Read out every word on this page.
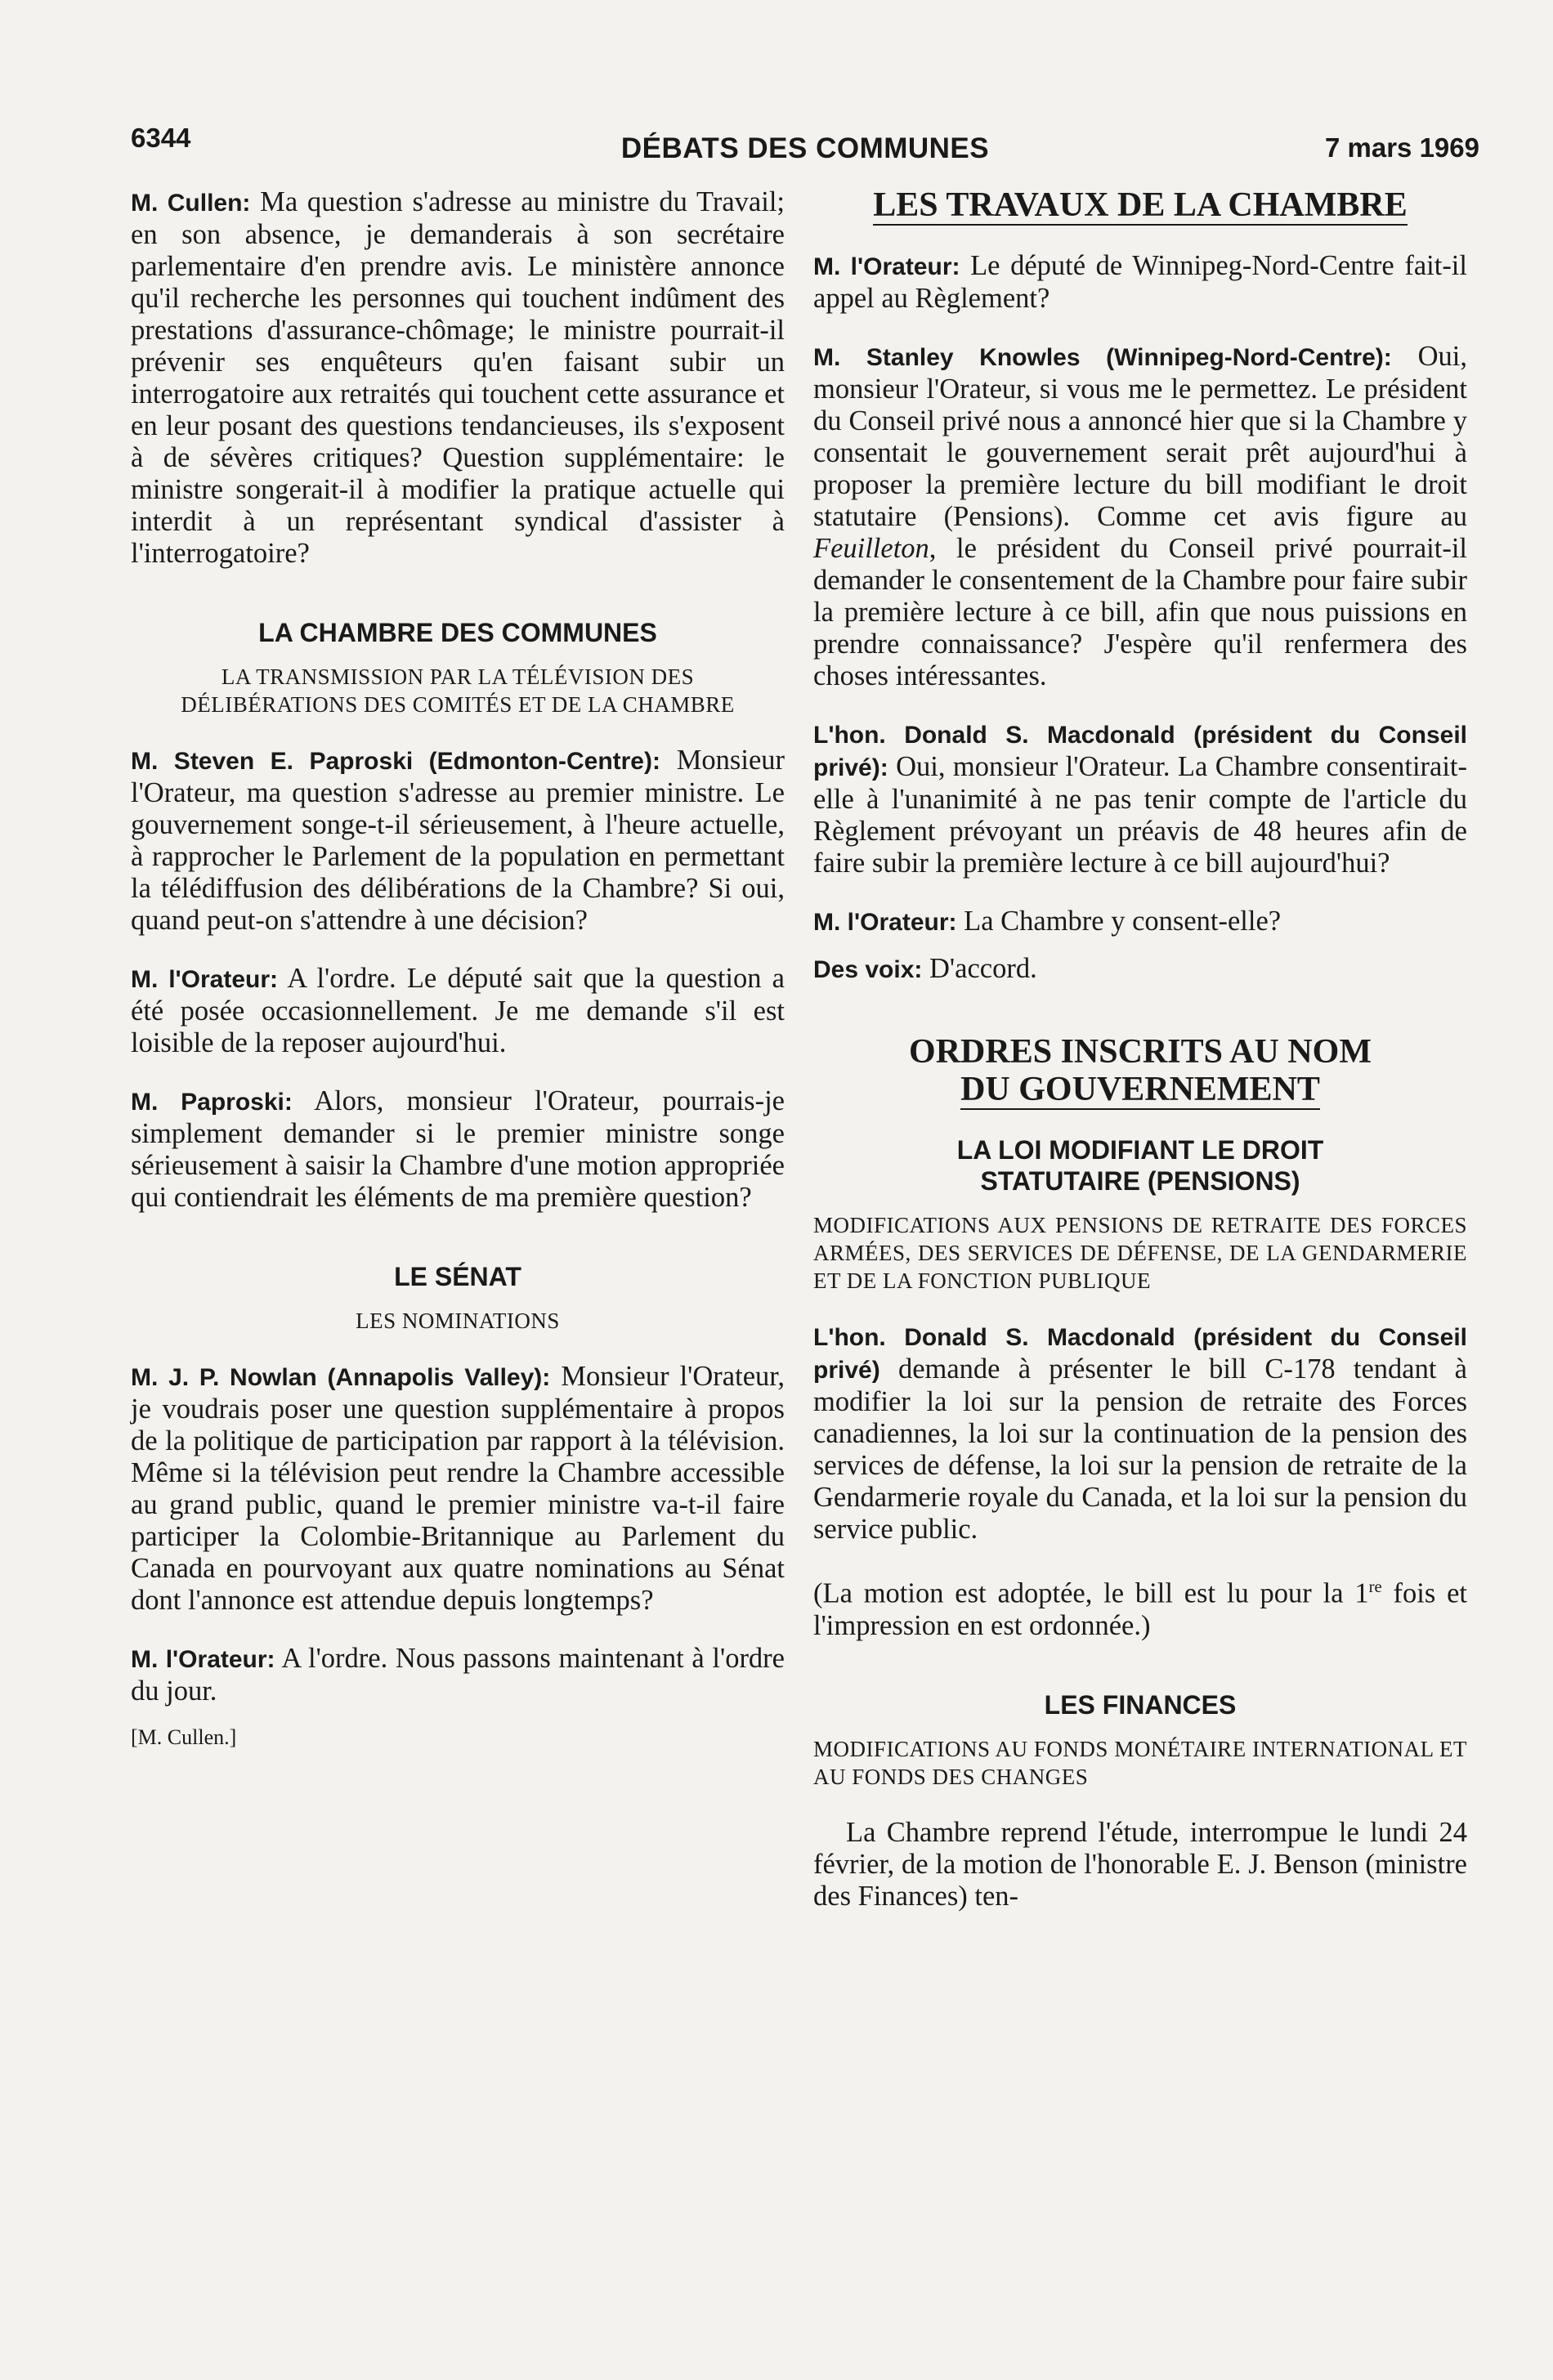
6344	DÉBATS DES COMMUNES	7 mars 1969

M. Cullen: Ma question s'adresse au ministre du Travail; en son absence, je demanderais à son secrétaire parlementaire d'en prendre avis. Le ministère annonce qu'il recherche les personnes qui touchent indûment des prestations d'assurance-chômage; le ministre pourrait-il prévenir ses enquêteurs qu'en faisant subir un interrogatoire aux retraités qui touchent cette assurance et en leur posant des questions tendancieuses, ils s'exposent à de sévères critiques? Question supplémentaire: le ministre songerait-il à modifier la pratique actuelle qui interdit à un représentant syndical d'assister à l'interrogatoire?

LA CHAMBRE DES COMMUNES

LA TRANSMISSION PAR LA TÉLÉVISION DES DÉLIBÉRATIONS DES COMITÉS ET DE LA CHAMBRE

M. Steven E. Paproski (Edmonton-Centre): Monsieur l'Orateur, ma question s'adresse au premier ministre. Le gouvernement songe-t-il sérieusement, à l'heure actuelle, à rapprocher le Parlement de la population en permettant la télédiffusion des délibérations de la Chambre? Si oui, quand peut-on s'attendre à une décision?

M. l'Orateur: A l'ordre. Le député sait que la question a été posée occasionnellement. Je me demande s'il est loisible de la reposer aujourd'hui.

M. Paproski: Alors, monsieur l'Orateur, pourrais-je simplement demander si le premier ministre songe sérieusement à saisir la Chambre d'une motion appropriée qui contiendrait les éléments de ma première question?

LE SÉNAT

LES NOMINATIONS

M. J. P. Nowlan (Annapolis Valley): Monsieur l'Orateur, je voudrais poser une question supplémentaire à propos de la politique de participation par rapport à la télévision. Même si la télévision peut rendre la Chambre accessible au grand public, quand le premier ministre va-t-il faire participer la Colombie-Britannique au Parlement du Canada en pourvoyant aux quatre nominations au Sénat dont l'annonce est attendue depuis longtemps?

M. l'Orateur: A l'ordre. Nous passons maintenant à l'ordre du jour.

[M. Cullen.]

LES TRAVAUX DE LA CHAMBRE

M. l'Orateur: Le député de Winnipeg-Nord-Centre fait-il appel au Règlement?

M. Stanley Knowles (Winnipeg-Nord-Centre): Oui, monsieur l'Orateur, si vous me le permettez. Le président du Conseil privé nous a annoncé hier que si la Chambre y consentait le gouvernement serait prêt aujourd'hui à proposer la première lecture du bill modifiant le droit statutaire (Pensions). Comme cet avis figure au Feuilleton, le président du Conseil privé pourrait-il demander le consentement de la Chambre pour faire subir la première lecture à ce bill, afin que nous puissions en prendre connaissance? J'espère qu'il renfermera des choses intéressantes.

L'hon. Donald S. Macdonald (président du Conseil privé): Oui, monsieur l'Orateur. La Chambre consentirait-elle à l'unanimité à ne pas tenir compte de l'article du Règlement prévoyant un préavis de 48 heures afin de faire subir la première lecture à ce bill aujourd'hui?

M. l'Orateur: La Chambre y consent-elle?

Des voix: D'accord.

ORDRES INSCRITS AU NOM
DU GOUVERNEMENT
LA LOI MODIFIANT LE DROIT STATUTAIRE (PENSIONS)

MODIFICATIONS AUX PENSIONS DE RETRAITE DES FORCES ARMÉES, DES SERVICES DE DÉFENSE, DE LA GENDARMERIE ET DE LA FONCTION PUBLIQUE

L'hon. Donald S. Macdonald (président du Conseil privé) demande à présenter le bill C-178 tendant à modifier la loi sur la pension de retraite des Forces canadiennes, la loi sur la continuation de la pension des services de défense, la loi sur la pension de retraite de la Gendarmerie royale du Canada, et la loi sur la pension du service public.

(La motion est adoptée, le bill est lu pour la 1re fois et l'impression en est ordonnée.)

LES FINANCES

MODIFICATIONS AU FONDS MONÉTAIRE INTERNATIONAL ET AU FONDS DES CHANGES

La Chambre reprend l'étude, interrompue le lundi 24 février, de la motion de l'honorable E. J. Benson (ministre des Finances) ten-
